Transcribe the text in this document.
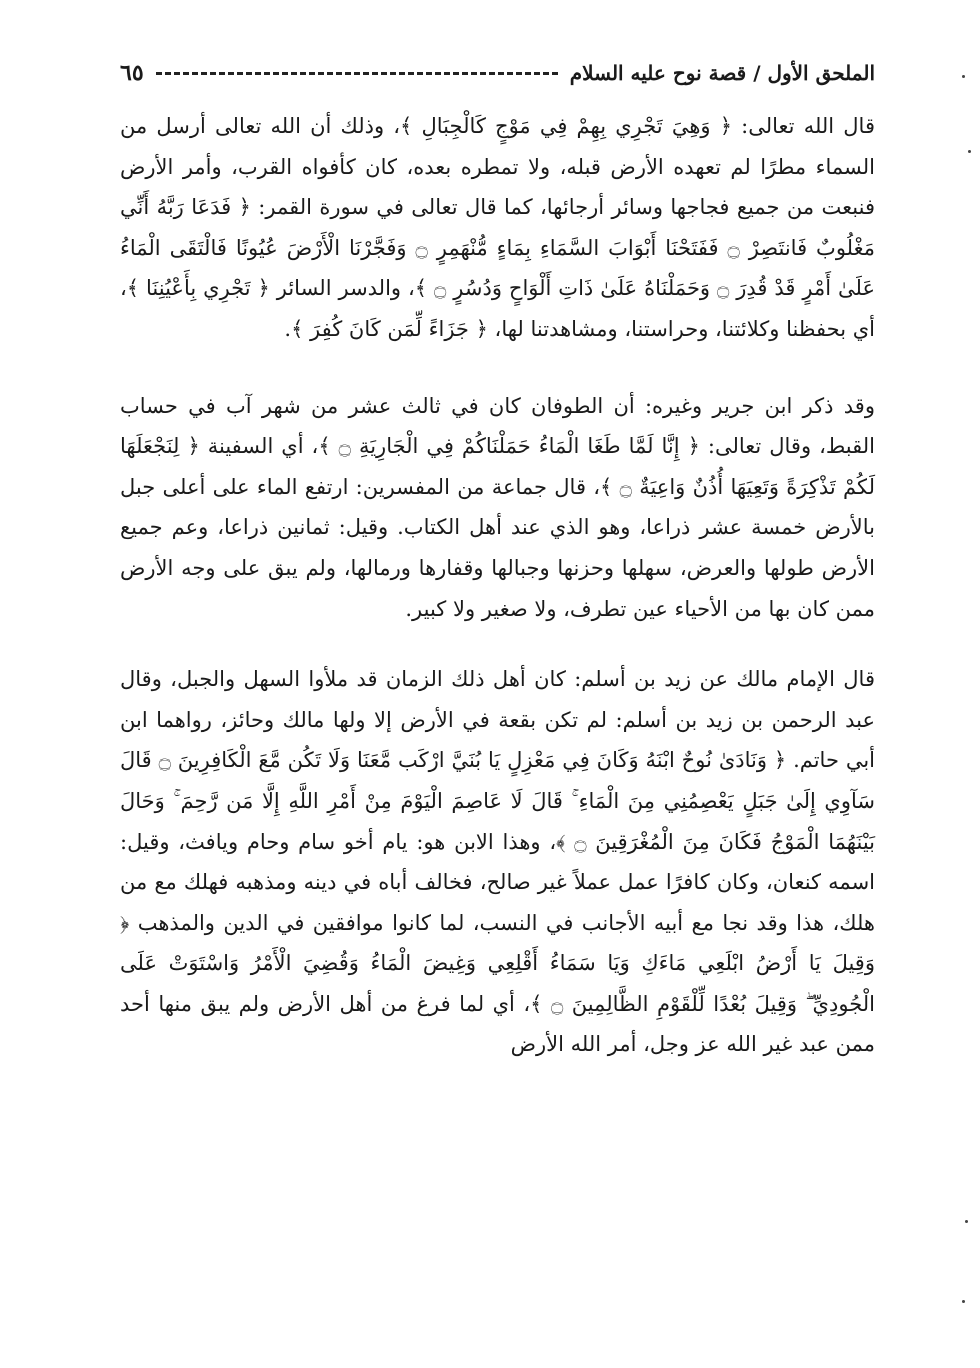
الملحق الأول / قصة نوح عليه السلام
٦٥

قال الله تعالى: ﴿ وَهِيَ تَجْرِي بِهِمْ فِي مَوْجٍ كَالْجِبَالِ ﴾، وذلك أن الله تعالى أرسل من السماء مطرًا لم تعهده الأرض قبله، ولا تمطره بعده، كان كأفواه القرب، وأمر الأرض فنبعت من جميع فجاجها وسائر أرجائها، كما قال تعالى في سورة القمر: ﴿ فَدَعَا رَبَّهُ أَنِّي مَغْلُوبٌ فَانتَصِرْ ۝ فَفَتَحْنَا أَبْوَابَ السَّمَاءِ بِمَاءٍ مُّنْهَمِرٍ ۝ وَفَجَّرْنَا الْأَرْضَ عُيُونًا فَالْتَقَى الْمَاءُ عَلَىٰ أَمْرٍ قَدْ قُدِرَ ۝ وَحَمَلْنَاهُ عَلَىٰ ذَاتِ أَلْوَاحٍ وَدُسُرٍ ۝ ﴾، والدسر السائر ﴿ تَجْرِي بِأَعْيُنِنَا ﴾، أي بحفظنا وكلائتنا، وحراستنا، ومشاهدتنا لها، ﴿ جَزَاءً لِّمَن كَانَ كُفِرَ ﴾.

وقد ذكر ابن جرير وغيره: أن الطوفان كان في ثالث عشر من شهر آب في حساب القبط، وقال تعالى: ﴿ إِنَّا لَمَّا طَغَا الْمَاءُ حَمَلْنَاكُمْ فِي الْجَارِيَةِ ۝ ﴾، أي السفينة ﴿ لِنَجْعَلَهَا لَكُمْ تَذْكِرَةً وَتَعِيَهَا أُذُنٌ وَاعِيَةٌ ۝ ﴾، قال جماعة من المفسرين: ارتفع الماء على أعلى جبل بالأرض خمسة عشر ذراعا، وهو الذي عند أهل الكتاب. وقيل: ثمانين ذراعا، وعم جميع الأرض طولها والعرض، سهلها وحزنها وجبالها وقفارها ورمالها، ولم يبق على وجه الأرض ممن كان بها من الأحياء عين تطرف، ولا صغير ولا كبير.

قال الإمام مالك عن زيد بن أسلم: كان أهل ذلك الزمان قد ملأوا السهل والجبل، وقال عبد الرحمن بن زيد بن أسلم: لم تكن بقعة في الأرض إلا ولها مالك وحائز، رواهما ابن أبي حاتم. ﴿ وَنَادَىٰ نُوحٌ ابْنَهُ وَكَانَ فِي مَعْزِلٍ يَا بُنَيَّ ارْكَب مَّعَنَا وَلَا تَكُن مَّعَ الْكَافِرِينَ ۝ قَالَ سَآوِي إِلَىٰ جَبَلٍ يَعْصِمُنِي مِنَ الْمَاءِ ۚ قَالَ لَا عَاصِمَ الْيَوْمَ مِنْ أَمْرِ اللَّهِ إِلَّا مَن رَّحِمَ ۚ وَحَالَ بَيْنَهُمَا الْمَوْجُ فَكَانَ مِنَ الْمُغْرَقِينَ ۝ ﴾، وهذا الابن هو: يام أخو سام وحام ويافث، وقيل: اسمه كنعان، وكان كافرًا عمل عملاً غير صالح، فخالف أباه في دينه ومذهبه فهلك مع من هلك، هذا وقد نجا مع أبيه الأجانب في النسب، لما كانوا موافقين في الدين والمذهب ﴿ وَقِيلَ يَا أَرْضُ ابْلَعِي مَاءَكِ وَيَا سَمَاءُ أَقْلِعِي وَغِيضَ الْمَاءُ وَقُضِيَ الْأَمْرُ وَاسْتَوَتْ عَلَى الْجُودِيِّ ۖ وَقِيلَ بُعْدًا لِّلْقَوْمِ الظَّالِمِينَ ۝ ﴾، أي لما فرغ من أهل الأرض ولم يبق منها أحد ممن عبد غير الله عز وجل، أمر الله الأرض
